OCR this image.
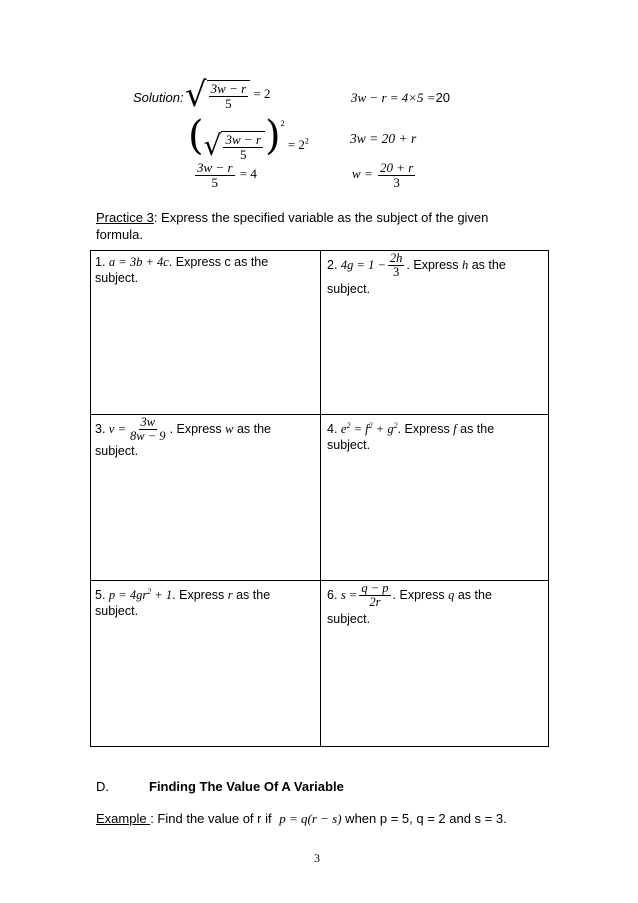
Solution: √ $\frac{3w - r}{5} = 2$
( √ $\frac{3w - r}{5} )^2 = 2^2$
$\frac{3w - r}{5} = 4$
3w − r = 4×5 =20
3w = 20 + r
$w = \frac{20 + r}{3}$
Practice 3: Express the specified variable as the subject of the given
formula.
1. a = 3b + 4c. Express c as the
subject.
2. $4g = 1 - \frac{2h}{3}$ . Express h as the
subject.
3. $v = \frac{3w}{8w - 9}$ . Express w as the
subject.
4. $e^2 = f^2 + g^2$. Express f as the
subject.
5. $p = 4gr^2 + 1$. Express r as the
subject.
6. $s = \frac{q - p}{2r}$ . Express q as the
subject.
D.	Finding The Value Of A Variable
Example : Find the value of r if p = q(r − s) when p = 5, q = 2 and s = 3.
3
